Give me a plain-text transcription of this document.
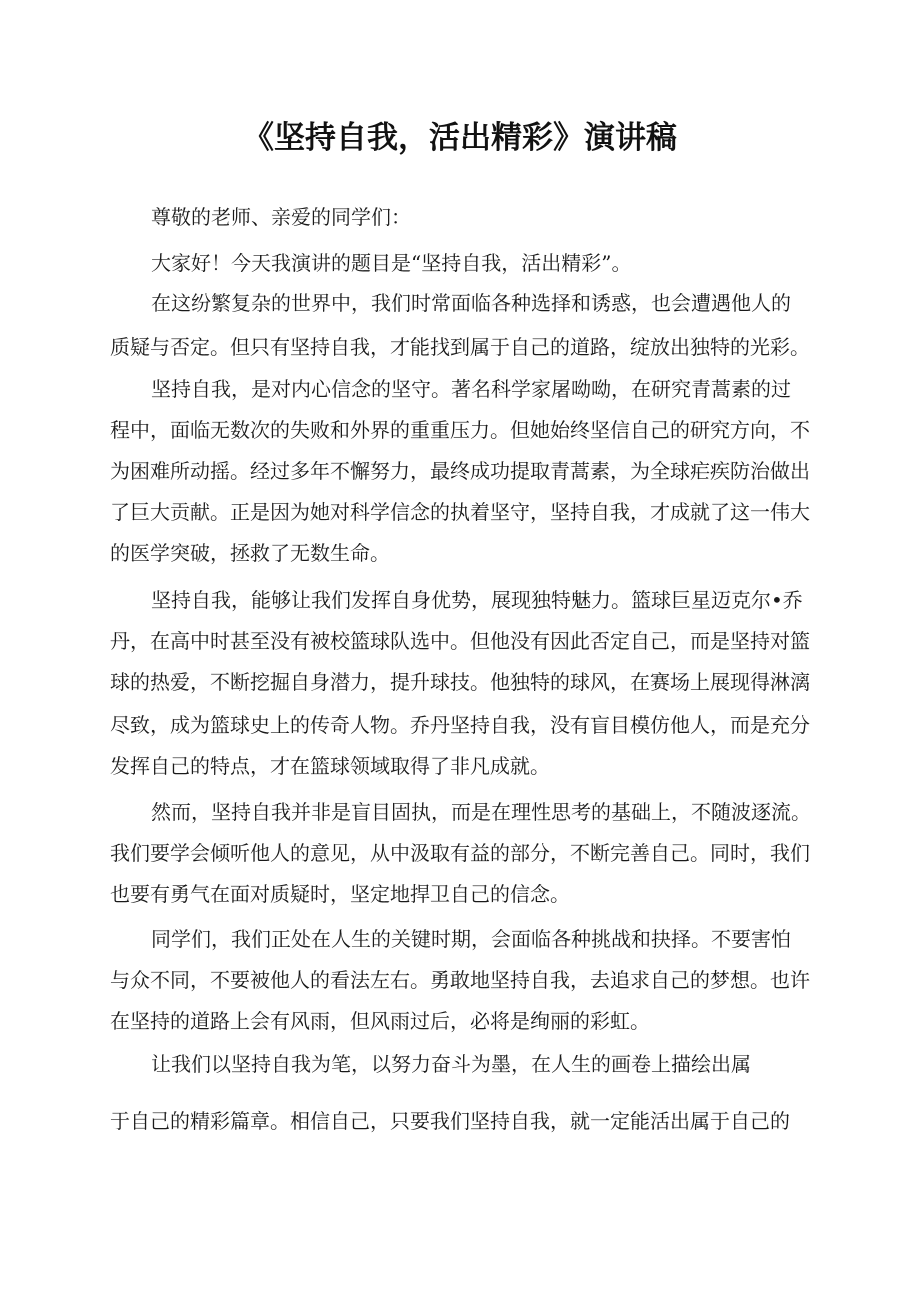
《坚持自我，活出精彩》演讲稿

尊敬的老师、亲爱的同学们：

大家好！今天我演讲的题目是“坚持自我，活出精彩”。

在这纷繁复杂的世界中，我们时常面临各种选择和诱惑，也会遭遇他人的

质疑与否定。但只有坚持自我，才能找到属于自己的道路，绽放出独特的光彩。

坚持自我，是对内心信念的坚守。著名科学家屠呦呦，在研究青蒿素的过

程中，面临无数次的失败和外界的重重压力。但她始终坚信自己的研究方向，不

为困难所动摇。经过多年不懈努力，最终成功提取青蒿素，为全球疟疾防治做出

了巨大贡献。正是因为她对科学信念的执着坚守，坚持自我，才成就了这一伟大

的医学突破，拯救了无数生命。

坚持自我，能够让我们发挥自身优势，展现独特魅力。篮球巨星迈克尔•乔

丹，在高中时甚至没有被校篮球队选中。但他没有因此否定自己，而是坚持对篮

球的热爱，不断挖掘自身潜力，提升球技。他独特的球风，在赛场上展现得淋漓

尽致，成为篮球史上的传奇人物。乔丹坚持自我，没有盲目模仿他人，而是充分

发挥自己的特点，才在篮球领域取得了非凡成就。

然而，坚持自我并非是盲目固执，而是在理性思考的基础上，不随波逐流。

我们要学会倾听他人的意见，从中汲取有益的部分，不断完善自己。同时，我们

也要有勇气在面对质疑时，坚定地捍卫自己的信念。

同学们，我们正处在人生的关键时期，会面临各种挑战和抉择。不要害怕

与众不同，不要被他人的看法左右。勇敢地坚持自我，去追求自己的梦想。也许

在坚持的道路上会有风雨，但风雨过后，必将是绚丽的彩虹。

让我们以坚持自我为笔，以努力奋斗为墨，在人生的画卷上描绘出属

于自己的精彩篇章。相信自己，只要我们坚持自我，就一定能活出属于自己的
